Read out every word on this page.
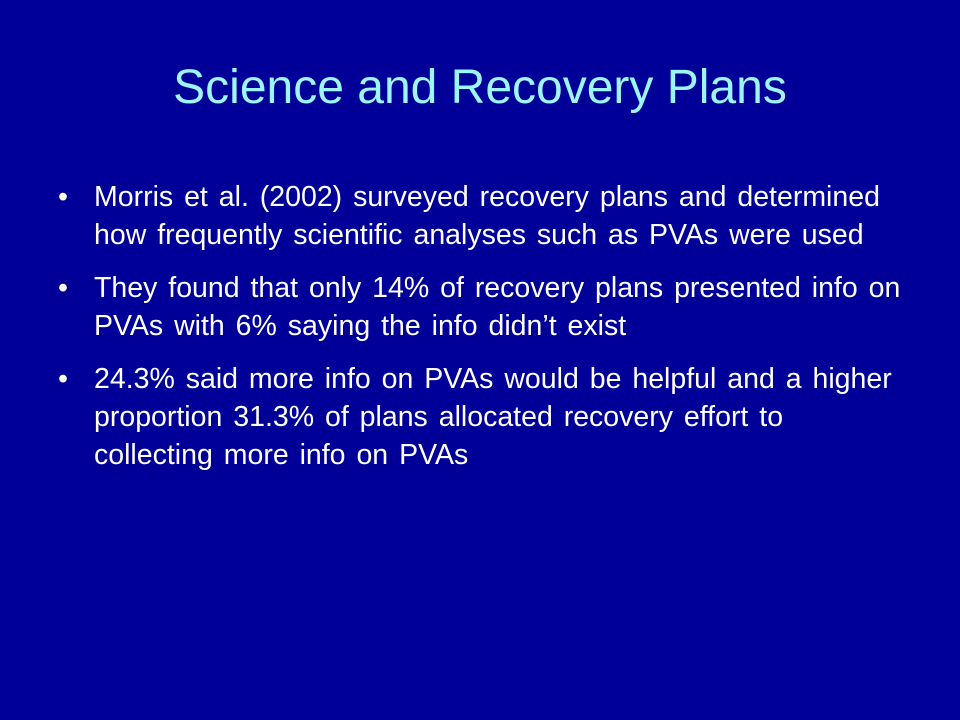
Science and Recovery Plans
• Morris et al. (2002) surveyed recovery plans and determined how frequently scientific analyses such as PVAs were used
• They found that only 14% of recovery plans presented info on PVAs with 6% saying the info didn’t exist
• 24.3% said more info on PVAs would be helpful and a higher proportion 31.3% of plans allocated recovery effort to collecting more info on PVAs
